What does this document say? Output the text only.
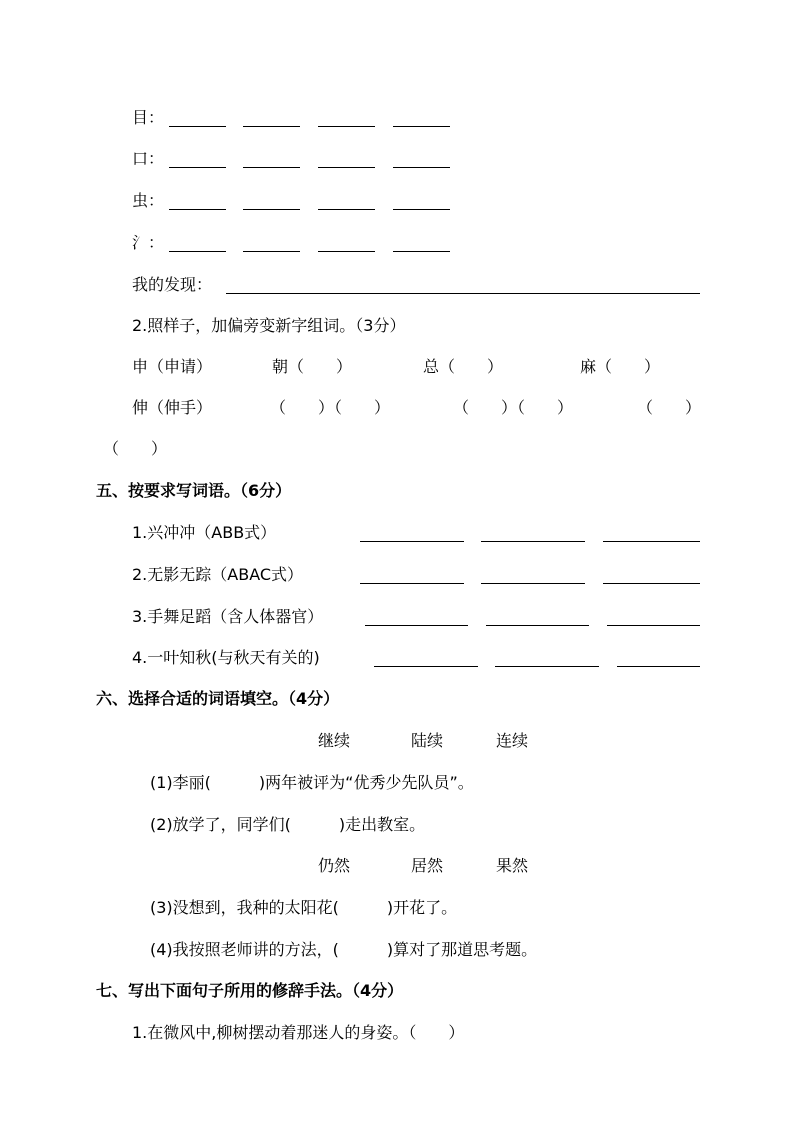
目：
口：
虫：
氵：
我的发现：
2.照样子，加偏旁变新字组词。（3分）
申（申请）	朝（　　）	总（　　）	麻（　　）
伸（伸手）	（　　）（　　）	（　　）（　　）	（　　）
（　　）
五、按要求写词语。（6分）
1.兴冲冲（ABB式）
2.无影无踪（ABAC式）
3.手舞足蹈（含人体器官）
4.一叶知秋(与秋天有关的)
六、选择合适的词语填空。（4分）
继续	陆续	连续
(1)李丽(　　　)两年被评为“优秀少先队员”。
(2)放学了，同学们(　　　)走出教室。
仍然	居然	果然
(3)没想到，我种的太阳花(　　　)开花了。
(4)我按照老师讲的方法，(　　　)算对了那道思考题。
七、写出下面句子所用的修辞手法。（4分）
1.在微风中,柳树摆动着那迷人的身姿。（　　）
